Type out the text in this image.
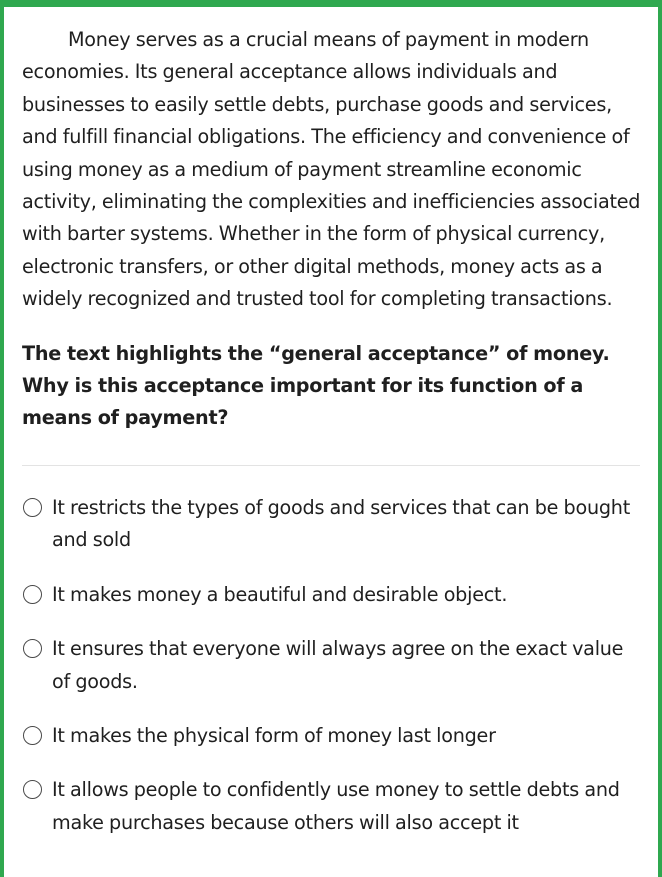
Money serves as a crucial means of payment in modern economies. Its general acceptance allows individuals and businesses to easily settle debts, purchase goods and services, and fulfill financial obligations. The efficiency and convenience of using money as a medium of payment streamline economic activity, eliminating the complexities and inefficiencies associated with barter systems. Whether in the form of physical currency, electronic transfers, or other digital methods, money acts as a widely recognized and trusted tool for completing transactions.

The text highlights the “general acceptance” of money. Why is this acceptance important for its function of a means of payment?

It restricts the types of goods and services that can be bought and sold
It makes money a beautiful and desirable object.
It ensures that everyone will always agree on the exact value of goods.
It makes the physical form of money last longer
It allows people to confidently use money to settle debts and make purchases because others will also accept it
